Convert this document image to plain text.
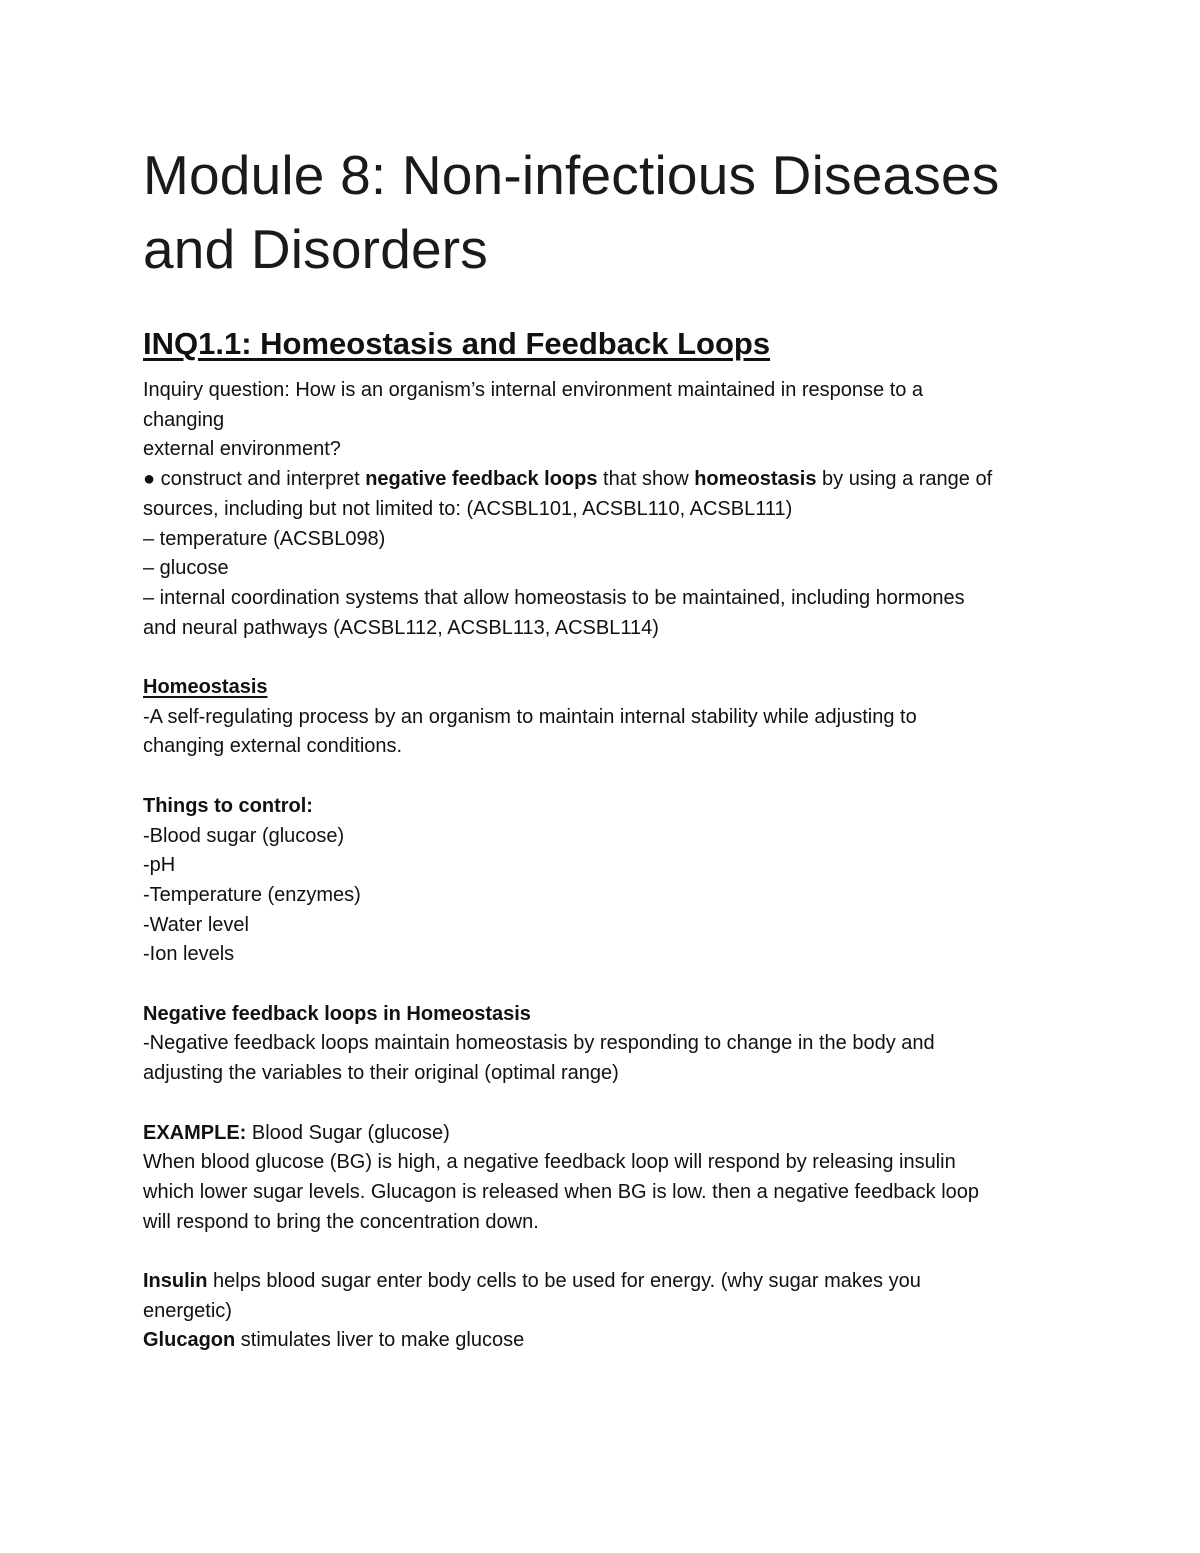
Module 8: Non-infectious Diseases and Disorders
INQ1.1: Homeostasis and Feedback Loops

Inquiry question: How is an organism’s internal environment maintained in response to a

changing

external environment?

● construct and interpret negative feedback loops that show homeostasis by using a range of

sources, including but not limited to: (ACSBL101, ACSBL110, ACSBL111)

– temperature (ACSBL098)

– glucose

– internal coordination systems that allow homeostasis to be maintained, including hormones

and neural pathways (ACSBL112, ACSBL113, ACSBL114)

Homeostasis

-A self-regulating process by an organism to maintain internal stability while adjusting to

changing external conditions.

Things to control:

-Blood sugar (glucose)

-pH

-Temperature (enzymes)

-Water level

-Ion levels

Negative feedback loops in Homeostasis

-Negative feedback loops maintain homeostasis by responding to change in the body and

adjusting the variables to their original (optimal range)

EXAMPLE: Blood Sugar (glucose)

When blood glucose (BG) is high, a negative feedback loop will respond by releasing insulin

which lower sugar levels. Glucagon is released when BG is low. then a negative feedback loop

will respond to bring the concentration down.

Insulin helps blood sugar enter body cells to be used for energy. (why sugar makes you

energetic)

Glucagon stimulates liver to make glucose
